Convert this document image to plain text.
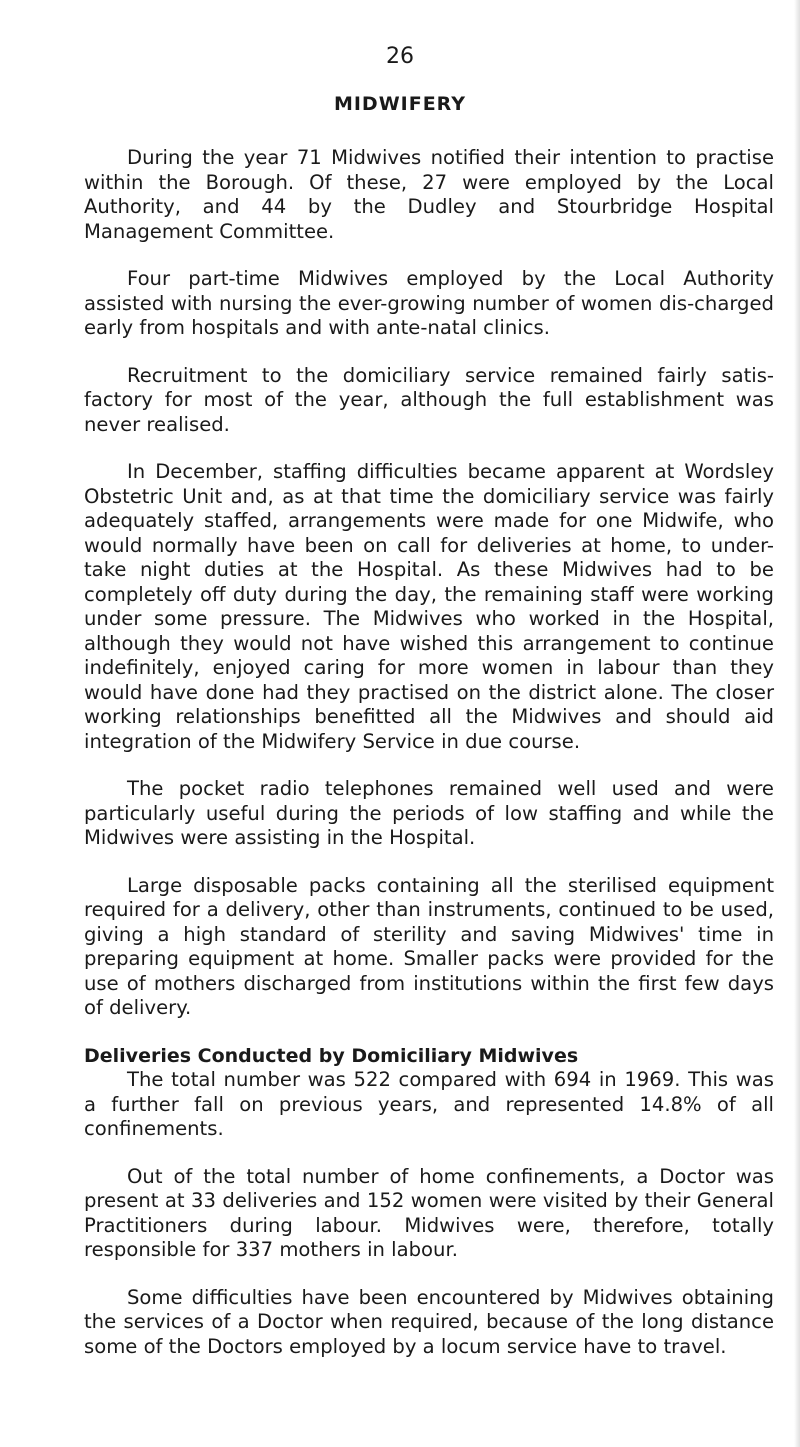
26
MIDWIFERY

During the year 71 Midwives notified their intention to practise within the Borough. Of these, 27 were employed by the Local Authority, and 44 by the Dudley and Stourbridge Hospital Management Committee.

Four part-time Midwives employed by the Local Authority assisted with nursing the ever-growing number of women dis-charged early from hospitals and with ante-natal clinics.

Recruitment to the domiciliary service remained fairly satis-factory for most of the year, although the full establishment was never realised.

In December, staffing difficulties became apparent at Wordsley Obstetric Unit and, as at that time the domiciliary service was fairly adequately staffed, arrangements were made for one Midwife, who would normally have been on call for deliveries at home, to under-take night duties at the Hospital. As these Midwives had to be completely off duty during the day, the remaining staff were working under some pressure. The Midwives who worked in the Hospital, although they would not have wished this arrangement to continue indefinitely, enjoyed caring for more women in labour than they would have done had they practised on the district alone. The closer working relationships benefitted all the Midwives and should aid integration of the Midwifery Service in due course.

The pocket radio telephones remained well used and were particularly useful during the periods of low staffing and while the Midwives were assisting in the Hospital.

Large disposable packs containing all the sterilised equipment required for a delivery, other than instruments, continued to be used, giving a high standard of sterility and saving Midwives' time in preparing equipment at home. Smaller packs were provided for the use of mothers discharged from institutions within the first few days of delivery.

Deliveries Conducted by Domiciliary Midwives

The total number was 522 compared with 694 in 1969. This was a further fall on previous years, and represented 14.8% of all confinements.

Out of the total number of home confinements, a Doctor was present at 33 deliveries and 152 women were visited by their General Practitioners during labour. Midwives were, therefore, totally responsible for 337 mothers in labour.

Some difficulties have been encountered by Midwives obtaining the services of a Doctor when required, because of the long distance some of the Doctors employed by a locum service have to travel.
